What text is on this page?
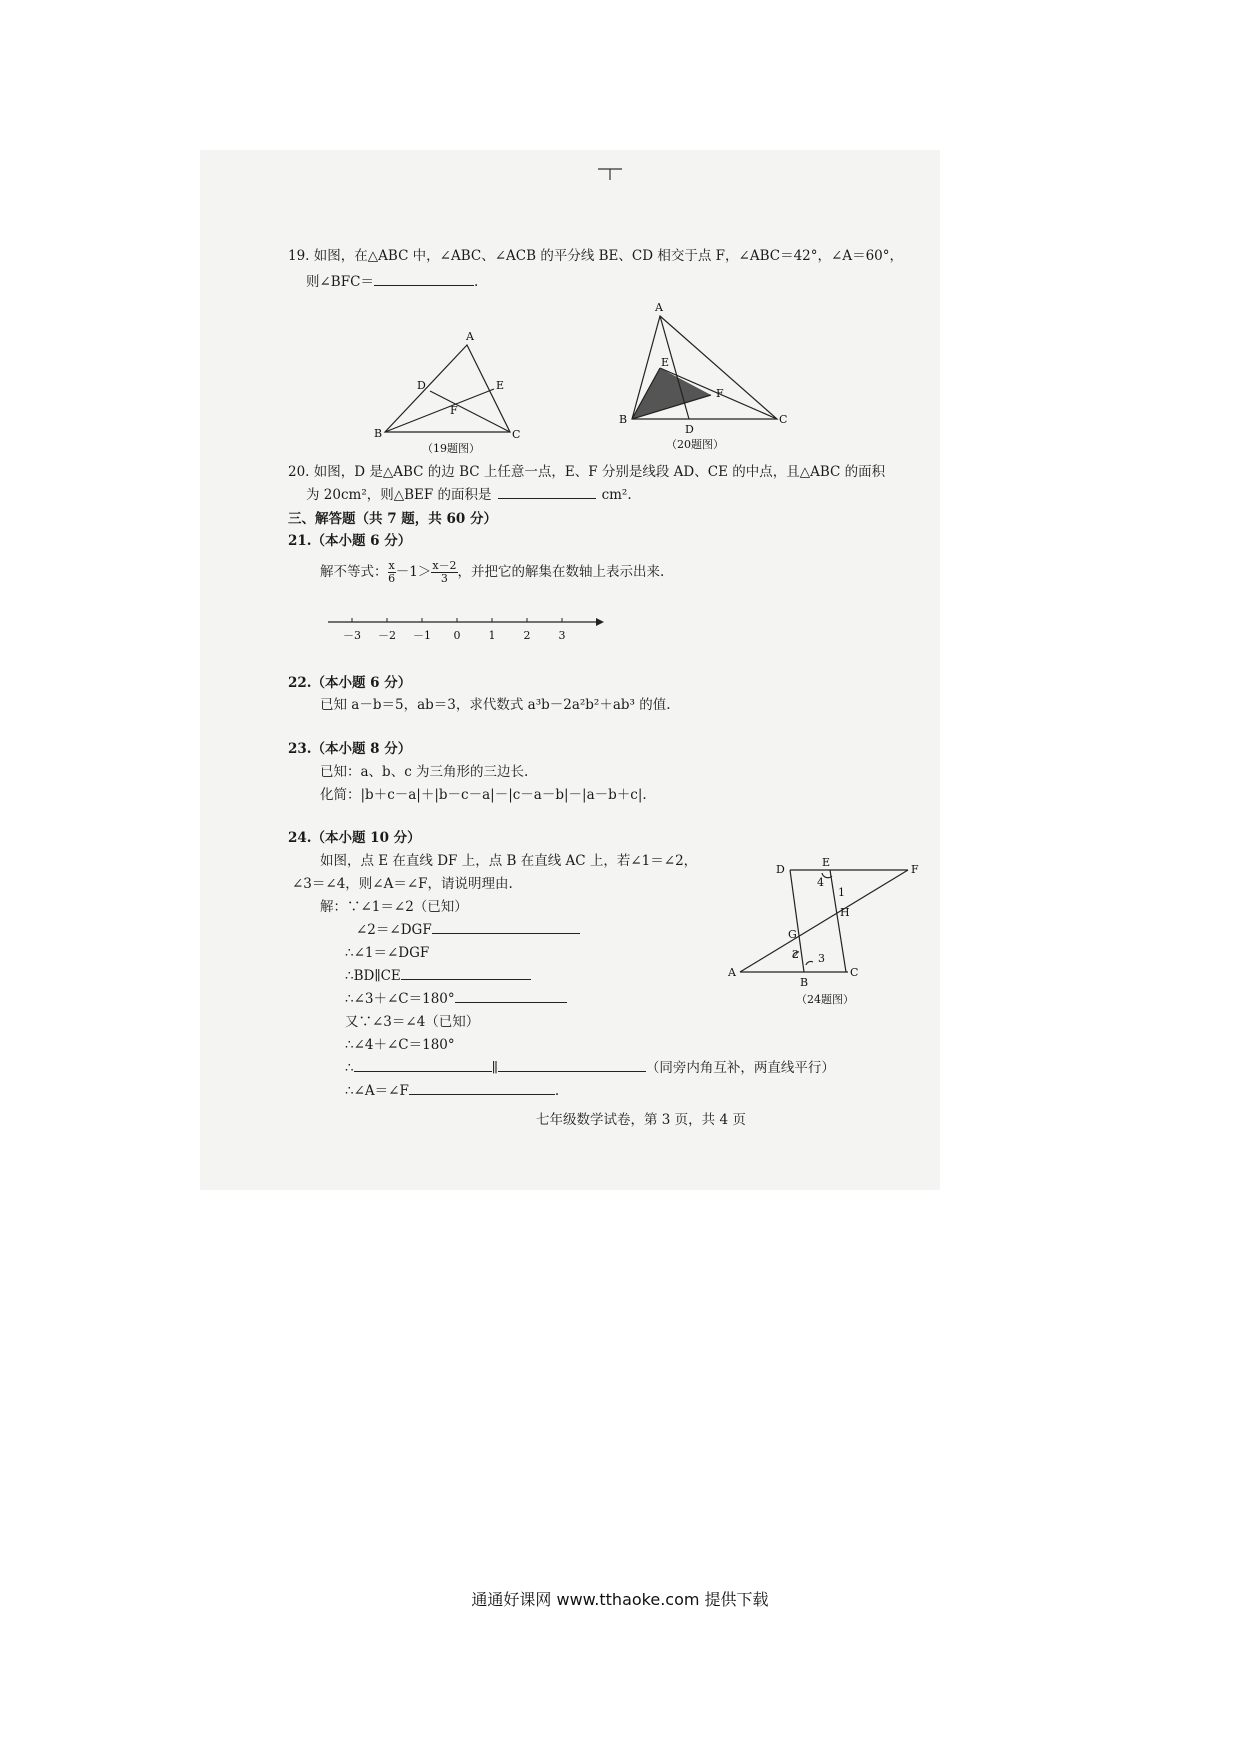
19. 如图，在△ABC 中，∠ABC、∠ACB 的平分线 BE、CD 相交于点 F，∠ABC＝42°，∠A＝60°，
则∠BFC＝	.
A
B	C
D	E
F
（19题图）
A
B	C
D
E
F
（20题图）
20. 如图，D 是△ABC 的边 BC 上任意一点，E、F 分别是线段 AD、CE 的中点，且△ABC 的面积
为 20cm²，则△BEF 的面积是	cm².
三、解答题（共 7 题，共 60 分）
21.（本小题 6 分）
解不等式： $\frac{x}{6} -1> \frac{x-2}{3}$ ，并把它的解集在数轴上表示出来.
－3 －2 －1 0	1	2	3
22.（本小题 6 分）
已知 a－b＝5，ab＝3，求代数式 a³b－2a²b²＋ab³ 的值.
23.（本小题 8 分）
已知：a、b、c 为三角形的三边长.
化简：|b＋c－a|＋|b－c－a|－|c－a－b|－|a－b＋c|.
24.（本小题 10 分）
如图，点 E 在直线 DF 上，点 B 在直线 AC 上，若∠1＝∠2，
∠3＝∠4，则∠A＝∠F，请说明理由.
解：∵∠1＝∠2（已知）
∠2＝∠DGF
∴∠1＝∠DGF
∴BD∥CE
∴∠3＋∠C＝180°
又∵∠3＝∠4（已知）
∴∠4＋∠C＝180°
∴	∥	（同旁内角互补，两直线平行）
∴∠A＝∠F	.
D
E
F
4
1
H
G
2 3
A
B
C
（24题图）
七年级数学试卷，第 3 页，共 4 页
通通好课网 www.tthaoke.com 提供下载
